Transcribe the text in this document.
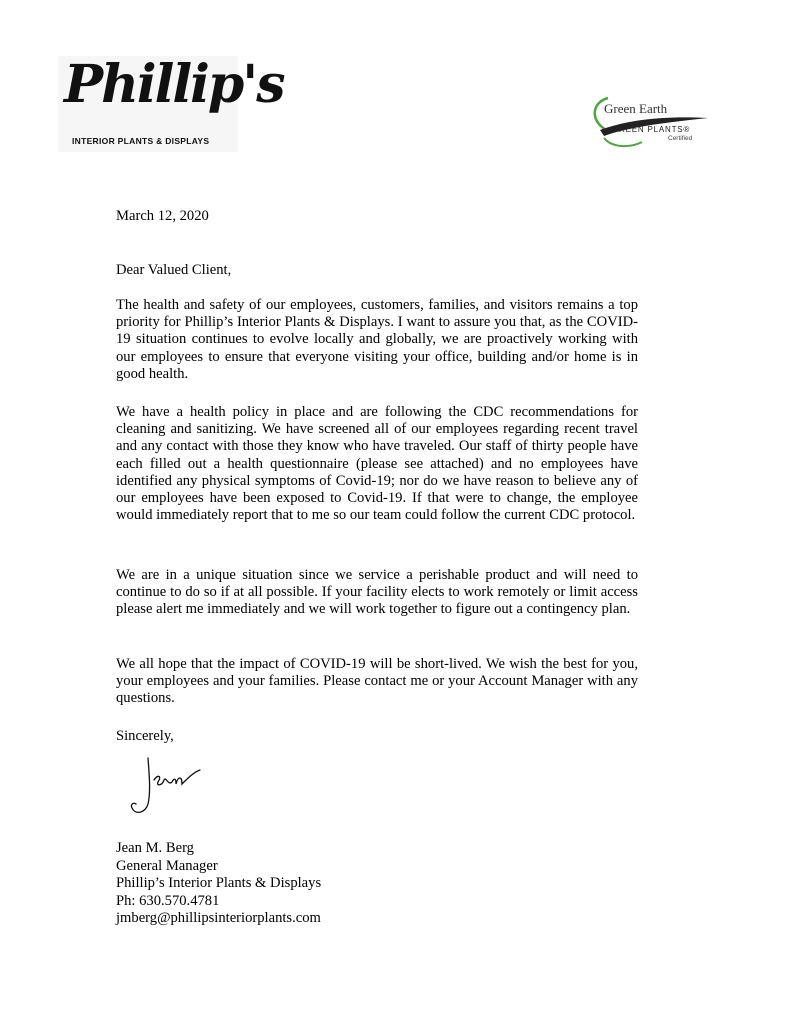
Phillip's
INTERIOR PLANTS & DISPLAYS
Green Earth
GREEN PLANTS®
Certified

March 12, 2020

Dear Valued Client,

The health and safety of our employees, customers, families, and visitors remains a top priority for Phillip’s Interior Plants & Displays. I want to assure you that, as the COVID-19 situation continues to evolve locally and globally, we are proactively working with our employees to ensure that everyone visiting your office, building and/or home is in good health.

We have a health policy in place and are following the CDC recommendations for cleaning and sanitizing. We have screened all of our employees regarding recent travel and any contact with those they know who have traveled. Our staff of thirty people have each filled out a health questionnaire (please see attached) and no employees have identified any physical symptoms of Covid-19; nor do we have reason to believe any of our employees have been exposed to Covid-19. If that were to change, the employee would immediately report that to me so our team could follow the current CDC protocol.

We are in a unique situation since we service a perishable product and will need to continue to do so if at all possible. If your facility elects to work remotely or limit access please alert me immediately and we will work together to figure out a contingency plan.

We all hope that the impact of COVID-19 will be short-lived. We wish the best for you, your employees and your families. Please contact me or your Account Manager with any questions.

Sincerely,

Jean M. Berg
General Manager
Phillip’s Interior Plants & Displays
Ph: 630.570.4781
jmberg@phillipsinteriorplants.com
